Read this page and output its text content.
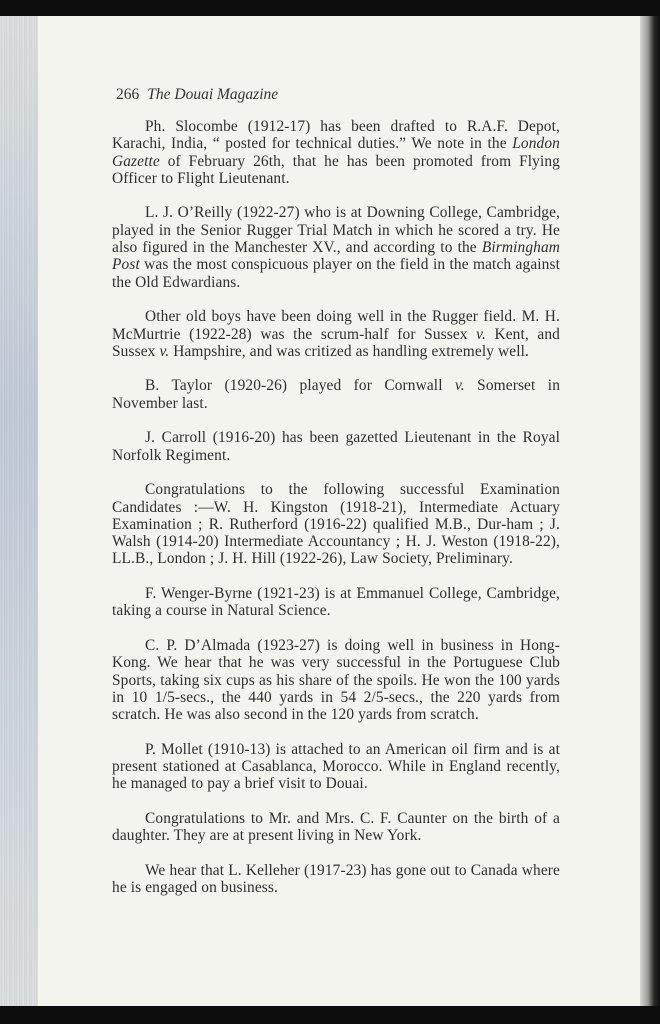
266 The Douai Magazine

Ph. Slocombe (1912-17) has been drafted to R.A.F. Depot, Karachi, India, “ posted for technical duties.” We note in the London Gazette of February 26th, that he has been promoted from Flying Officer to Flight Lieutenant.

L. J. O’Reilly (1922-27) who is at Downing College, Cambridge, played in the Senior Rugger Trial Match in which he scored a try. He also figured in the Manchester XV., and according to the Birmingham Post was the most conspicuous player on the field in the match against the Old Edwardians.

Other old boys have been doing well in the Rugger field. M. H. McMurtrie (1922-28) was the scrum-half for Sussex v. Kent, and Sussex v. Hampshire, and was critized as handling extremely well.

B. Taylor (1920-26) played for Cornwall v. Somerset in November last.

J. Carroll (1916-20) has been gazetted Lieutenant in the Royal Norfolk Regiment.

Congratulations to the following successful Examination Candidates :—W. H. Kingston (1918-21), Intermediate Actuary Examination ; R. Rutherford (1916-22) qualified M.B., Dur-ham ; J. Walsh (1914-20) Intermediate Accountancy ; H. J. Weston (1918-22), LL.B., London ; J. H. Hill (1922-26), Law Society, Preliminary.

F. Wenger-Byrne (1921-23) is at Emmanuel College, Cambridge, taking a course in Natural Science.

C. P. D’Almada (1923-27) is doing well in business in Hong-Kong. We hear that he was very successful in the Portuguese Club Sports, taking six cups as his share of the spoils. He won the 100 yards in 10 1/5-secs., the 440 yards in 54 2/5-secs., the 220 yards from scratch. He was also second in the 120 yards from scratch.

P. Mollet (1910-13) is attached to an American oil firm and is at present stationed at Casablanca, Morocco. While in England recently, he managed to pay a brief visit to Douai.

Congratulations to Mr. and Mrs. C. F. Caunter on the birth of a daughter. They are at present living in New York.

We hear that L. Kelleher (1917-23) has gone out to Canada where he is engaged on business.
